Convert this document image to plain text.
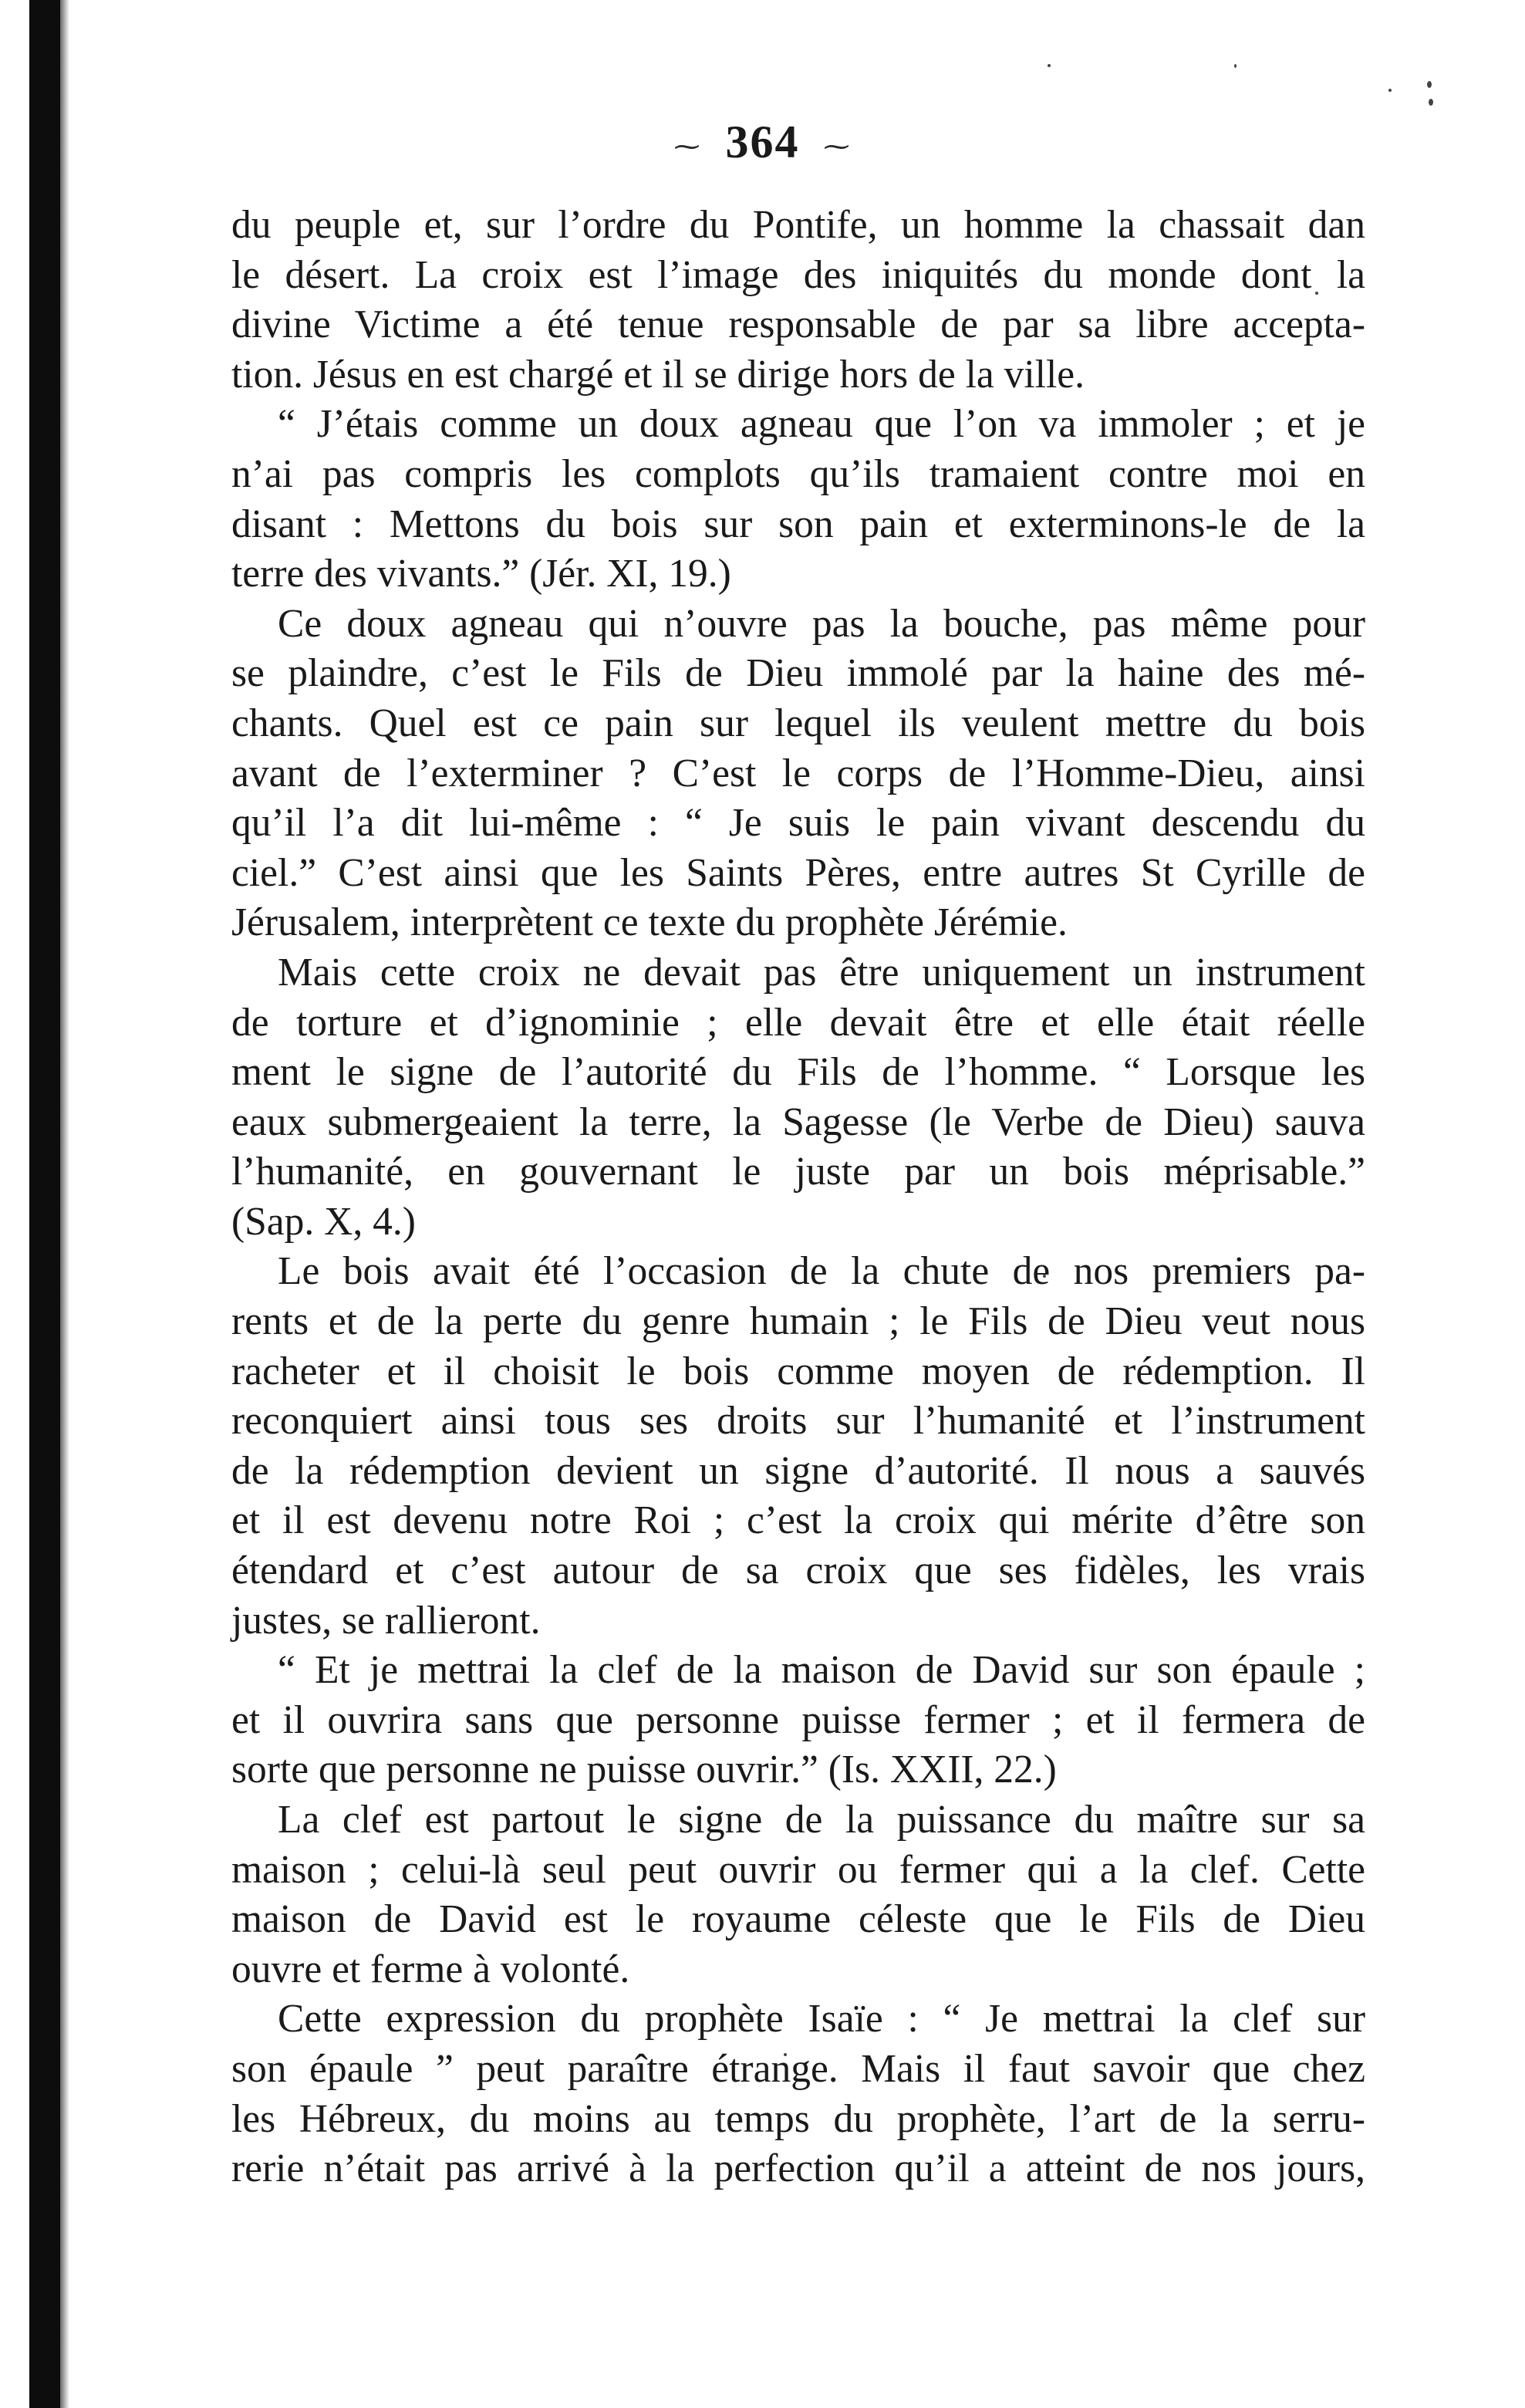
⁓ 364 ⁓
du peuple et, sur l’ordre du Pontife, un homme la chassait dan
le désert. La croix est l’image des iniquités du monde dont la
divine Victime a été tenue responsable de par sa libre accepta-
tion. Jésus en est chargé et il se dirige hors de la ville.
“ J’étais comme un doux agneau que l’on va immoler ; et je
n’ai pas compris les complots qu’ils tramaient contre moi en
disant : Mettons du bois sur son pain et exterminons-le de la
terre des vivants.” (Jér. XI, 19.)
Ce doux agneau qui n’ouvre pas la bouche, pas même pour
se plaindre, c’est le Fils de Dieu immolé par la haine des mé-
chants. Quel est ce pain sur lequel ils veulent mettre du bois
avant de l’exterminer ? C’est le corps de l’Homme-Dieu, ainsi
qu’il l’a dit lui-même : “ Je suis le pain vivant descendu du
ciel.” C’est ainsi que les Saints Pères, entre autres St Cyrille de
Jérusalem, interprètent ce texte du prophète Jérémie.
Mais cette croix ne devait pas être uniquement un instrument
de torture et d’ignominie ; elle devait être et elle était réelle
ment le signe de l’autorité du Fils de l’homme. “ Lorsque les
eaux submergeaient la terre, la Sagesse (le Verbe de Dieu) sauva
l’humanité, en gouvernant le juste par un bois méprisable.”
(Sap. X, 4.)
Le bois avait été l’occasion de la chute de nos premiers pa-
rents et de la perte du genre humain ; le Fils de Dieu veut nous
racheter et il choisit le bois comme moyen de rédemption. Il
reconquiert ainsi tous ses droits sur l’humanité et l’instrument
de la rédemption devient un signe d’autorité. Il nous a sauvés
et il est devenu notre Roi ; c’est la croix qui mérite d’être son
étendard et c’est autour de sa croix que ses fidèles, les vrais
justes, se rallieront.
“ Et je mettrai la clef de la maison de David sur son épaule ;
et il ouvrira sans que personne puisse fermer ; et il fermera de
sorte que personne ne puisse ouvrir.” (Is. XXII, 22.)
La clef est partout le signe de la puissance du maître sur sa
maison ; celui-là seul peut ouvrir ou fermer qui a la clef. Cette
maison de David est le royaume céleste que le Fils de Dieu
ouvre et ferme à volonté.
Cette expression du prophète Isaïe : “ Je mettrai la clef sur
son épaule ” peut paraître étrange. Mais il faut savoir que chez
les Hébreux, du moins au temps du prophète, l’art de la serru-
rerie n’était pas arrivé à la perfection qu’il a atteint de nos jours,
